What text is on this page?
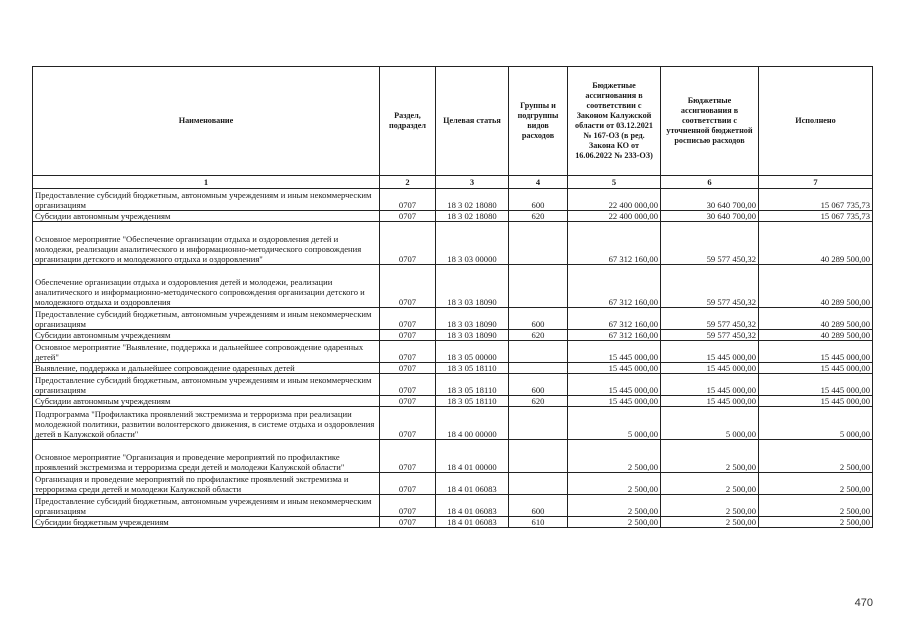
Наименование	Раздел, подраздел	Целевая статья	Группы и подгруппы видов расходов	Бюджетные ассигнования в соответствии с Законом Калужской области от 03.12.2021 № 167-ОЗ (в ред. Закона КО от 16.06.2022 № 233-ОЗ)	Бюджетные ассигнования в соответствии с уточненной бюджетной росписью расходов	Исполнено
1	2	3	4	5	6	7
Предоставление субсидий бюджетным, автономным учреждениям и иным некоммерческим организациям	0707	18 3 02 18080	600	22 400 000,00	30 640 700,00	15 067 735,73
Субсидии автономным учреждениям	0707	18 3 02 18080	620	22 400 000,00	30 640 700,00	15 067 735,73
Основное мероприятие "Обеспечение организации отдыха и оздоровления детей и молодежи, реализации аналитического и информационно-методического сопровождения организации детского и молодежного отдыха и оздоровления"	0707	18 3 03 00000		67 312 160,00	59 577 450,32	40 289 500,00
Обеспечение организации отдыха и оздоровления детей и молодежи, реализации аналитического и информационно-методического сопровождения организации детского и молодежного отдыха и оздоровления	0707	18 3 03 18090		67 312 160,00	59 577 450,32	40 289 500,00
Предоставление субсидий бюджетным, автономным учреждениям и иным некоммерческим организациям	0707	18 3 03 18090	600	67 312 160,00	59 577 450,32	40 289 500,00
Субсидии автономным учреждениям	0707	18 3 03 18090	620	67 312 160,00	59 577 450,32	40 289 500,00
Основное мероприятие "Выявление, поддержка и дальнейшее сопровождение одаренных детей"	0707	18 3 05 00000		15 445 000,00	15 445 000,00	15 445 000,00
Выявление, поддержка и дальнейшее сопровождение одаренных детей	0707	18 3 05 18110		15 445 000,00	15 445 000,00	15 445 000,00
Предоставление субсидий бюджетным, автономным учреждениям и иным некоммерческим организациям	0707	18 3 05 18110	600	15 445 000,00	15 445 000,00	15 445 000,00
Субсидии автономным учреждениям	0707	18 3 05 18110	620	15 445 000,00	15 445 000,00	15 445 000,00
Подпрограмма "Профилактика проявлений экстремизма и терроризма при реализации молодежной политики, развитии волонтерского движения, в системе отдыха и оздоровления детей в Калужской области"	0707	18 4 00 00000		5 000,00	5 000,00	5 000,00
Основное мероприятие "Организация и проведение мероприятий по профилактике проявлений экстремизма и терроризма среди детей и молодежи Калужской области"	0707	18 4 01 00000		2 500,00	2 500,00	2 500,00
Организация и проведение мероприятий по профилактике проявлений экстремизма и терроризма среди детей и молодежи Калужской области	0707	18 4 01 06083		2 500,00	2 500,00	2 500,00
Предоставление субсидий бюджетным, автономным учреждениям и иным некоммерческим организациям	0707	18 4 01 06083	600	2 500,00	2 500,00	2 500,00
Субсидии бюджетным учреждениям	0707	18 4 01 06083	610	2 500,00	2 500,00	2 500,00
470
